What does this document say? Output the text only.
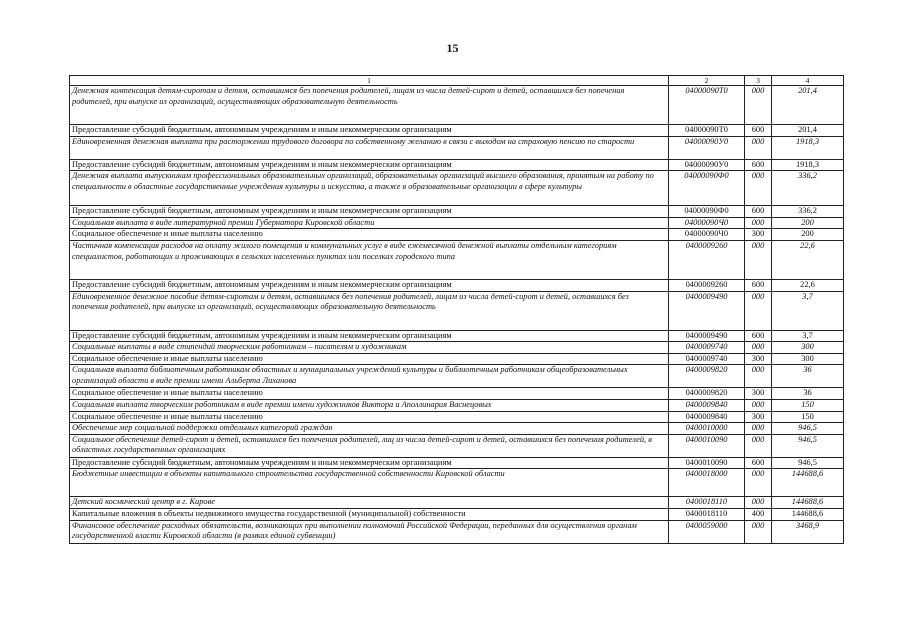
15
1	2	3	4
Денежная компенсация детям-сиротам и детям, оставшимся без попечения родителей, лицам из числа детей-сирот и детей, оставшихся без попечения родителей, при выпуске из организаций, осуществляющих образовательную деятельность	04000090T0	000	201,4
Предоставление субсидий бюджетным, автономным учреждениям и иным некоммерческим организациям	04000090T0	600	201,4
Единовременная денежная выплата при расторжении трудового договора по собственному желанию в связи с выходом на страховую пенсию по старости	04000090У0	000	1918,3
Предоставление субсидий бюджетным, автономным учреждениям и иным некоммерческим организациям	04000090У0	600	1918,3
Денежная выплата выпускникам профессиональных образовательных организаций, образовательных организаций высшего образования, принятым на работу по специальности в областные государственные учреждения культуры и искусства, а также в образовательные организации в сфере культуры	04000090Ф0	000	336,2
Предоставление субсидий бюджетным, автономным учреждениям и иным некоммерческим организациям	04000090Ф0	600	336,2
Социальная выплата в виде литературной премии Губернатора Кировской области	04000090Ч0	000	200
Социальное обеспечение и иные выплаты населению	04000090Ч0	300	200
Частичная компенсация расходов на оплату жилого помещения и коммунальных услуг в виде ежемесячной денежной выплаты отдельным категориям специалистов, работающих и проживающих в сельских населенных пунктах или поселках городского типа	0400009260	000	22,6
Предоставление субсидий бюджетным, автономным учреждениям и иным некоммерческим организациям	0400009260	600	22,6
Единовременное денежное пособие детям-сиротам и детям, оставшимся без попечения родителей, лицам из числа детей-сирот и детей, оставшихся без попечения родителей, при выпуске из организаций, осуществляющих образовательную деятельность	0400009490	000	3,7
Предоставление субсидий бюджетным, автономным учреждениям и иным некоммерческим организациям	0400009490	600	3,7
Социальные выплаты в виде стипендий творческим работникам – писателям и художникам	0400009740	000	300
Социальное обеспечение и иные выплаты населению	0400009740	300	300
Социальная выплата библиотечным работникам областных и муниципальных учреждений культуры и библиотечным работникам общеобразовательных организаций области в виде премии имени Альберта Лиханова	0400009820	000	36
Социальное обеспечение и иные выплаты населению	0400009820	300	36
Социальная выплата творческим работникам в виде премии имени художников Виктора и Аполлинария Васнецовых	0400009840	000	150
Социальное обеспечение и иные выплаты населению	0400009840	300	150
Обеспечение мер социальной поддержки отдельных категорий граждан	0400010000	000	946,5
Социальное обеспечение детей-сирот и детей, оставшихся без попечения родителей, лиц из числа детей-сирот и детей, оставшихся без попечения родителей, в областных государственных организациях	0400010090	000	946,5
Предоставление субсидий бюджетным, автономным учреждениям и иным некоммерческим организациям	0400010090	600	946,5
Бюджетные инвестиции в объекты капитального строительства государственной собственности Кировской области	0400018000	000	144688,6
Детский космический центр в г. Кирове	0400018110	000	144688,6
Капитальные вложения в объекты недвижимого имущества государственной (муниципальной) собственности	0400018110	400	144688,6
Финансовое обеспечение расходных обязательств, возникающих при выполнении полномочий Российской Федерации, переданных для осуществления органам государственной власти Кировской области (в рамках единой субвенции)	0400059000	000	3468,9
